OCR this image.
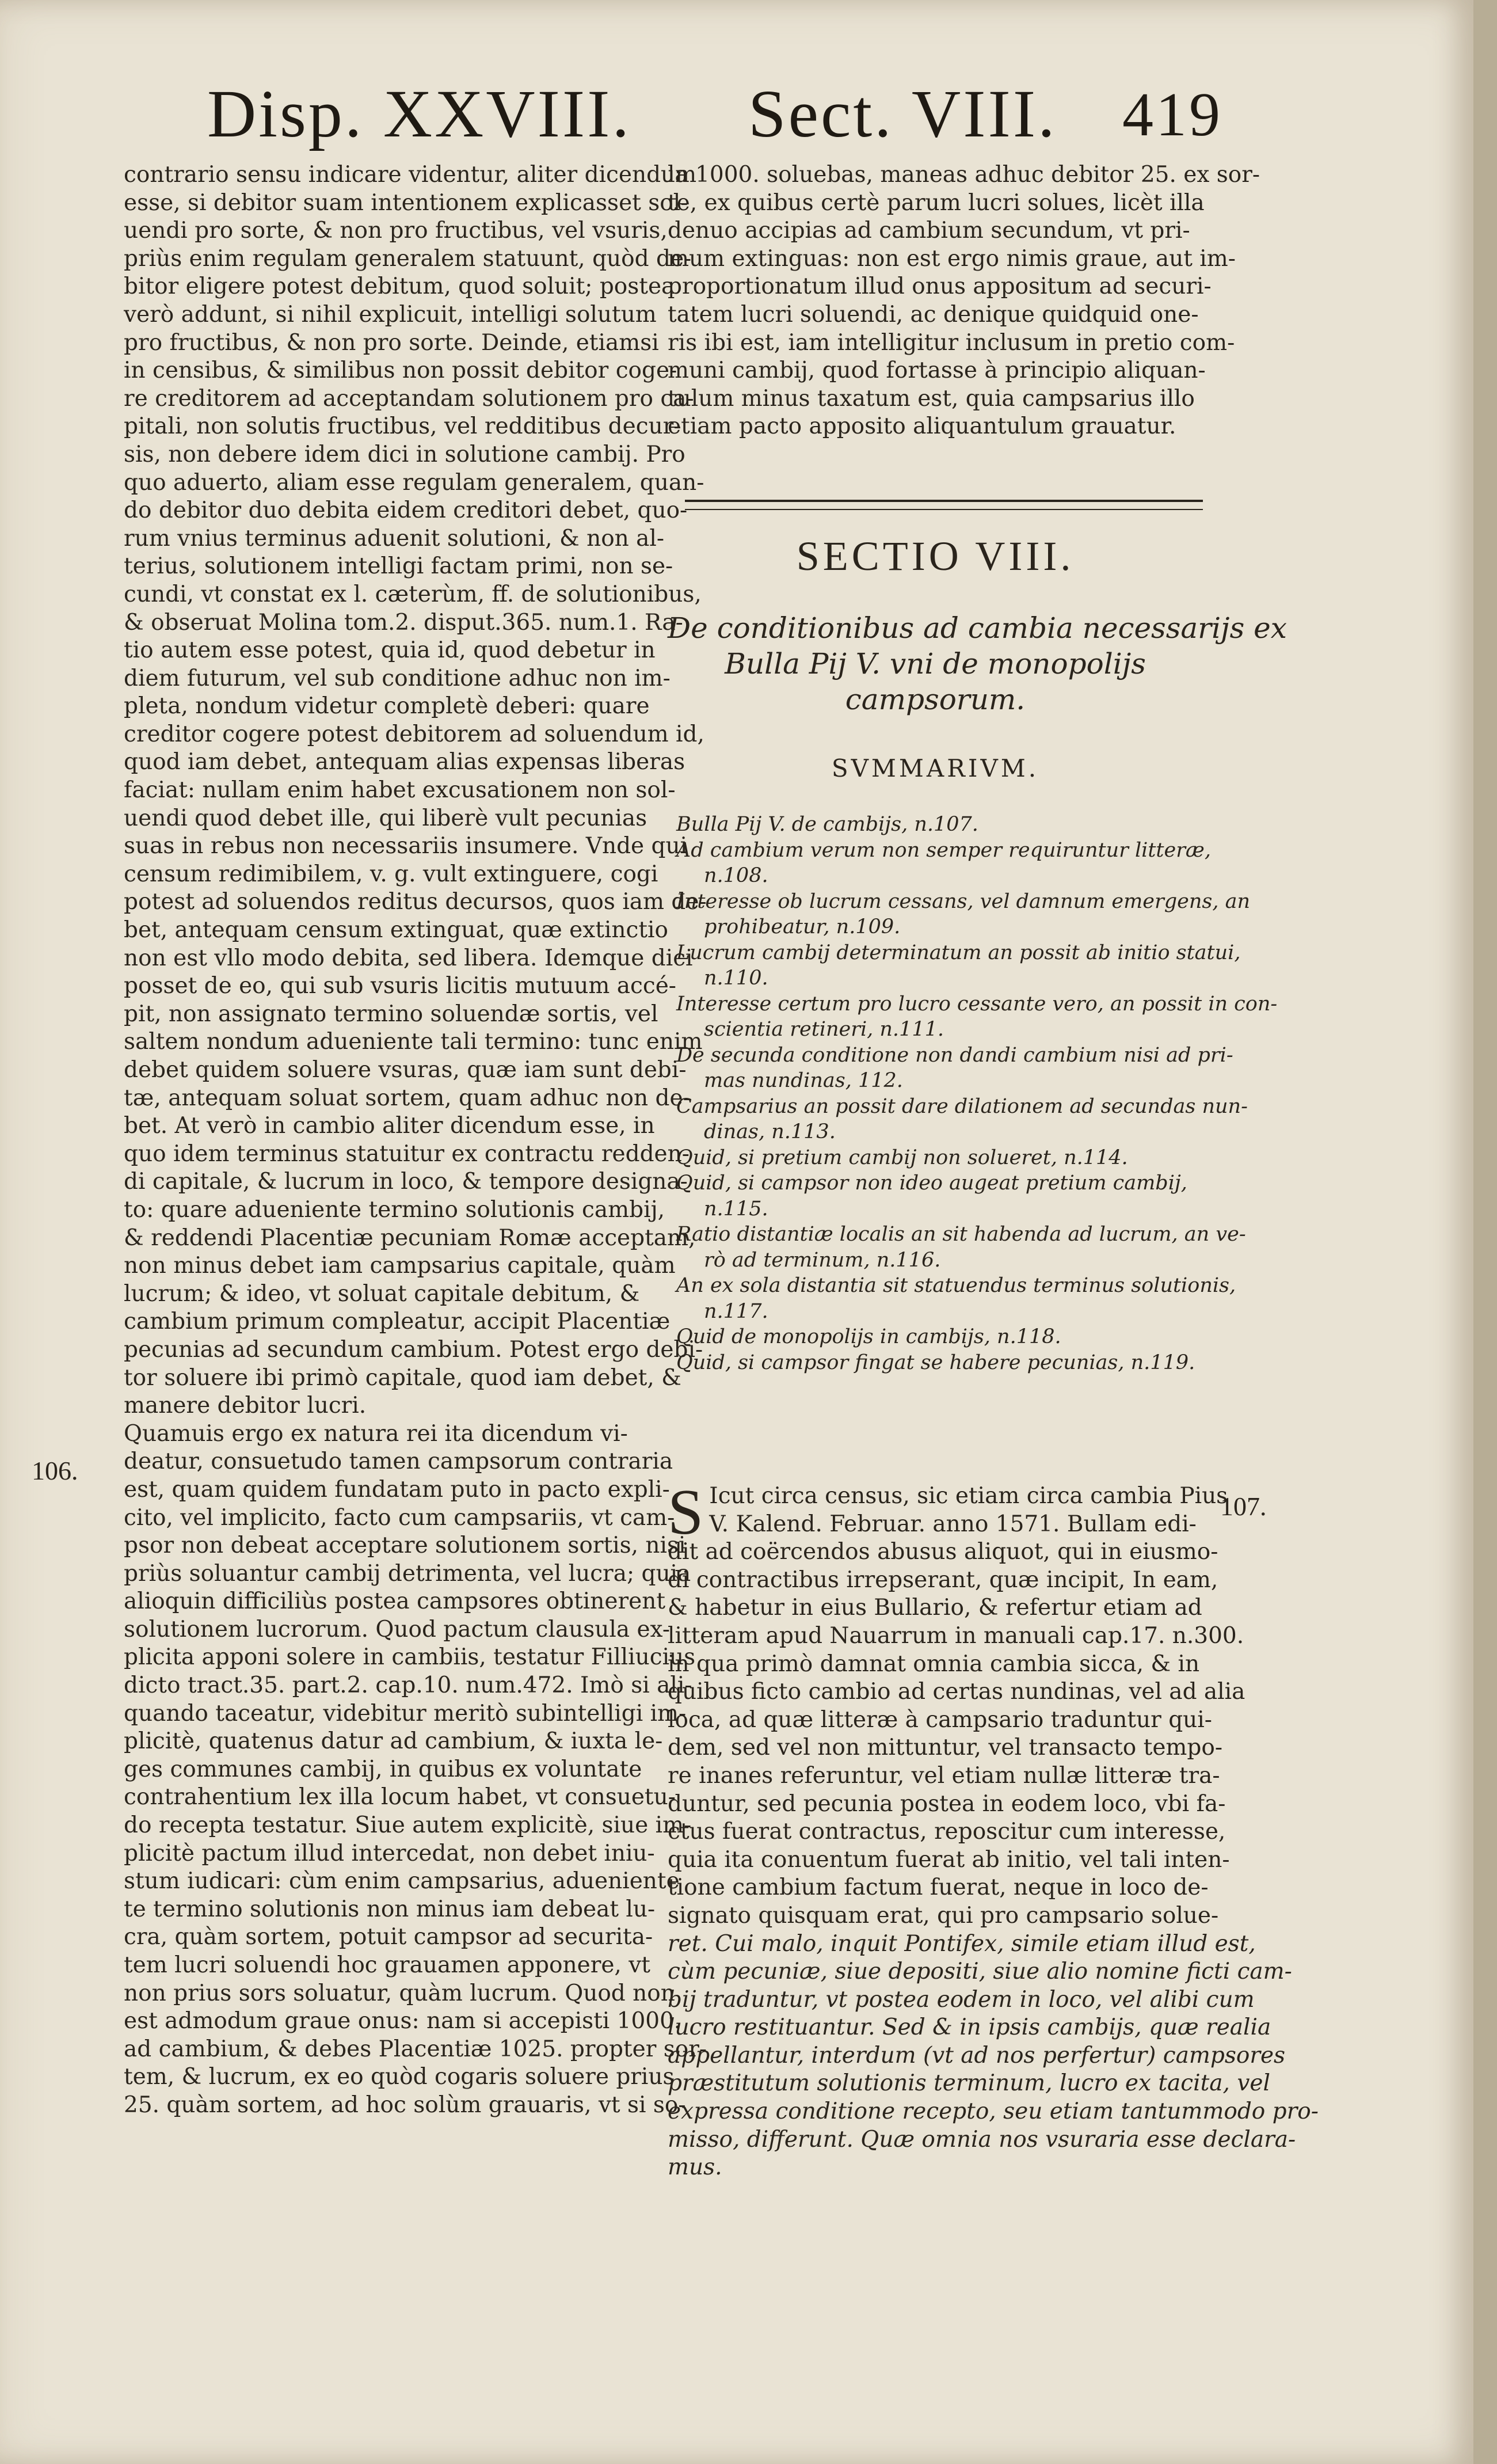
Disp. XXVIII. Sect. VIII. 419
contrario sensu indicare videntur, aliter dicendum
esse, si debitor suam intentionem explicasset sol-
uendi pro sorte, & non pro fructibus, vel vsuris,
priùs enim regulam generalem statuunt, quòd de-
bitor eligere potest debitum, quod soluit; postea
verò addunt, si nihil explicuit, intelligi solutum
pro fructibus, & non pro sorte. Deinde, etiamsi
in censibus, & similibus non possit debitor coge-
re creditorem ad acceptandam solutionem pro ca-
pitali, non solutis fructibus, vel redditibus decur-
sis, non debere idem dici in solutione cambij. Pro
quo aduerto, aliam esse regulam generalem, quan-
do debitor duo debita eidem creditori debet, quo-
rum vnius terminus aduenit solutioni, & non al-
terius, solutionem intelligi factam primi, non se-
cundi, vt constat ex l. cæterùm, ff. de solutionibus,
& obseruat Molina tom.2. disput.365. num.1. Ra-
tio autem esse potest, quia id, quod debetur in
diem futurum, vel sub conditione adhuc non im-
pleta, nondum videtur completè deberi: quare
creditor cogere potest debitorem ad soluendum id,
quod iam debet, antequam alias expensas liberas
faciat: nullam enim habet excusationem non sol-
uendi quod debet ille, qui liberè vult pecunias
suas in rebus non necessariis insumere. Vnde qui
censum redimibilem, v. g. vult extinguere, cogi
potest ad soluendos reditus decursos, quos iam de-
bet, antequam censum extinguat, quæ extinctio
non est vllo modo debita, sed libera. Idemque dici
posset de eo, qui sub vsuris licitis mutuum accé-
pit, non assignato termino soluendæ sortis, vel
saltem nondum adueniente tali termino: tunc enim
debet quidem soluere vsuras, quæ iam sunt debi-
tæ, antequam soluat sortem, quam adhuc non de-
bet. At verò in cambio aliter dicendum esse, in
quo idem terminus statuitur ex contractu redden-
di capitale, & lucrum in loco, & tempore designa-
to: quare adueniente termino solutionis cambij,
& reddendi Placentiæ pecuniam Romæ acceptam,
non minus debet iam campsarius capitale, quàm
lucrum; & ideo, vt soluat capitale debitum, &
cambium primum compleatur, accipit Placentiæ
pecunias ad secundum cambium. Potest ergo debi-
tor soluere ibi primò capitale, quod iam debet, &
manere debitor lucri.
Quamuis ergo ex natura rei ita dicendum vi-
deatur, consuetudo tamen campsorum contraria
est, quam quidem fundatam puto in pacto expli-
cito, vel implicito, facto cum campsariis, vt cam-
psor non debeat acceptare solutionem sortis, nisi
priùs soluantur cambij detrimenta, vel lucra; quia
alioquin difficiliùs postea campsores obtinerent
solutionem lucrorum. Quod pactum clausula ex-
plicita apponi solere in cambiis, testatur Filliucius
dicto tract.35. part.2. cap.10. num.472. Imò si ali-
quando taceatur, videbitur meritò subintelligi im-
plicitè, quatenus datur ad cambium, & iuxta le-
ges communes cambij, in quibus ex voluntate
contrahentium lex illa locum habet, vt consuetu-
do recepta testatur. Siue autem explicitè, siue im-
plicitè pactum illud intercedat, non debet iniu-
stum iudicari: cùm enim campsarius, adueniente
te termino solutionis non minus iam debeat lu-
cra, quàm sortem, potuit campsor ad securita-
tem lucri soluendi hoc grauamen apponere, vt
non prius sors soluatur, quàm lucrum. Quod non
est admodum graue onus: nam si accepisti 1000.
ad cambium, & debes Placentiæ 1025. propter sor-
tem, & lucrum, ex eo quòd cogaris soluere prius
25. quàm sortem, ad hoc solùm grauaris, vt si so-
106.
107.
la 1000. soluebas, maneas adhuc debitor 25. ex sor-
te, ex quibus certè parum lucri solues, licèt illa
denuo accipias ad cambium secundum, vt pri-
mum extinguas: non est ergo nimis graue, aut im-
proportionatum illud onus appositum ad securi-
tatem lucri soluendi, ac denique quidquid one-
ris ibi est, iam intelligitur inclusum in pretio com-
muni cambij, quod fortasse à principio aliquan-
tulum minus taxatum est, quia campsarius illo
etiam pacto apposito aliquantulum grauatur.
SECTIO VIII.
De conditionibus ad cambia necessarijs ex
Bulla Pij V. vni de monopolijs
campsorum.
SVMMARIVM.
Bulla Pij V. de cambijs, n.107.
Ad cambium verum non semper requiruntur litteræ,
n.108.
Interesse ob lucrum cessans, vel damnum emergens, an
prohibeatur, n.109.
Lucrum cambij determinatum an possit ab initio statui,
n.110.
Interesse certum pro lucro cessante vero, an possit in con-
scientia retineri, n.111.
De secunda conditione non dandi cambium nisi ad pri-
mas nundinas, 112.
Campsarius an possit dare dilationem ad secundas nun-
dinas, n.113.
Quid, si pretium cambij non solueret, n.114.
Quid, si campsor non ideo augeat pretium cambij,
n.115.
Ratio distantiæ localis an sit habenda ad lucrum, an ve-
rò ad terminum, n.116.
An ex sola distantia sit statuendus terminus solutionis,
n.117.
Quid de monopolijs in cambijs, n.118.
Quid, si campsor fingat se habere pecunias, n.119.
S Icut circa census, sic etiam circa cambia Pius
V. Kalend. Februar. anno 1571. Bullam edi-
dit ad coërcendos abusus aliquot, qui in eiusmo-
di contractibus irrepserant, quæ incipit, In eam,
& habetur in eius Bullario, & refertur etiam ad
litteram apud Nauarrum in manuali cap.17. n.300.
in qua primò damnat omnia cambia sicca, & in
quibus ficto cambio ad certas nundinas, vel ad alia
loca, ad quæ litteræ à campsario traduntur qui-
dem, sed vel non mittuntur, vel transacto tempo-
re inanes referuntur, vel etiam nullæ litteræ tra-
duntur, sed pecunia postea in eodem loco, vbi fa-
ctus fuerat contractus, reposcitur cum interesse,
quia ita conuentum fuerat ab initio, vel tali inten-
tione cambium factum fuerat, neque in loco de-
signato quisquam erat, qui pro campsario solue-
ret. Cui malo, inquit Pontifex, simile etiam illud est,
cùm pecuniæ, siue depositi, siue alio nomine ficti cam-
bij traduntur, vt postea eodem in loco, vel alibi cum
lucro restituantur. Sed & in ipsis cambijs, quæ realia
appellantur, interdum (vt ad nos perfertur) campsores
præstitutum solutionis terminum, lucro ex tacita, vel
expressa conditione recepto, seu etiam tantummodo pro-
misso, differunt. Quæ omnia nos vsuraria esse declara-
mus.
